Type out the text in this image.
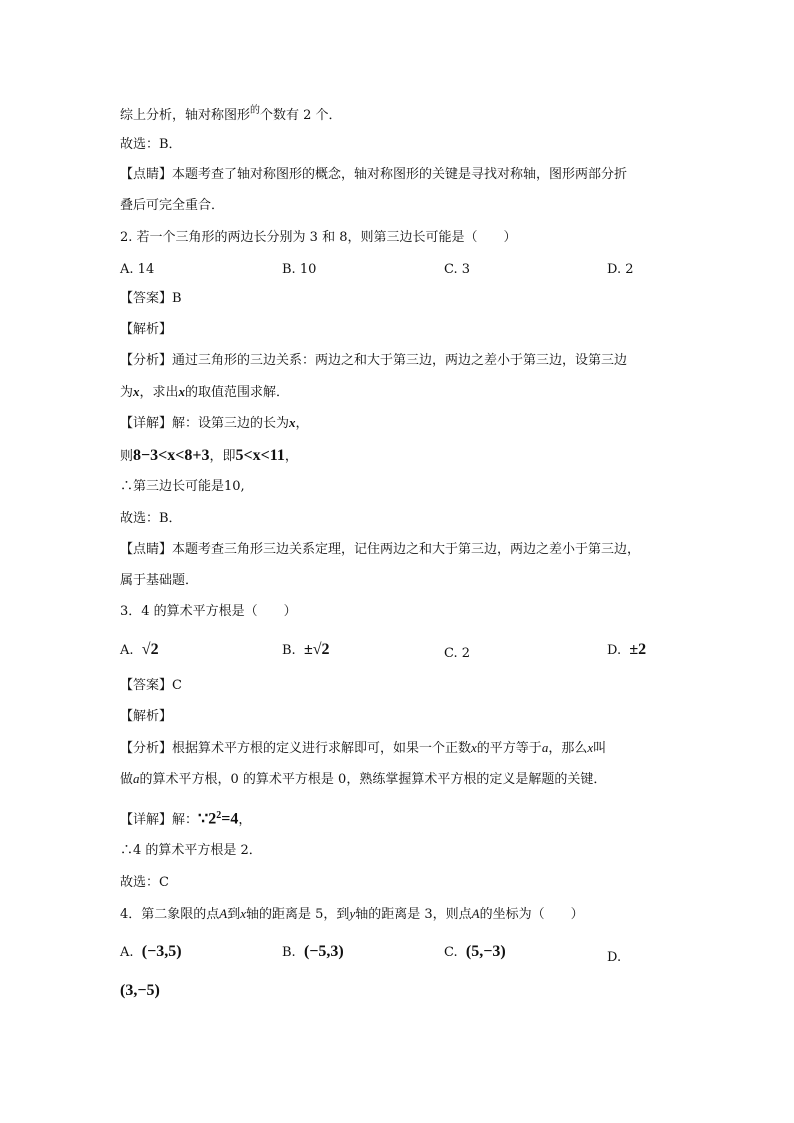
综上分析，轴对称图形$^的$个数有 2 个．
故选：B．
【点睛】本题考查了轴对称图形的概念，轴对称图形的关键是寻找对称轴，图形两部分折
叠后可完全重合．
2. 若一个三角形的两边长分别为 3 和 8，则第三边长可能是（　　）
A. 14	B. 10	C. 3	D. 2
【答案】B
【解析】
【分析】通过三角形的三边关系：两边之和大于第三边，两边之差小于第三边，设第三边
为x，求出x的取值范围求解．
【详解】解：设第三边的长为x，
则8−3<x<8+3，即5<x<11，
∴第三边长可能是10,
故选：B．
【点睛】本题考查三角形三边关系定理，记住两边之和大于第三边，两边之差小于第三边，
属于基础题．
3．4 的算术平方根是（　　）
A. √2	B. ±√2	C. 2	D. ±2
【答案】C
【解析】
【分析】根据算术平方根的定义进行求解即可，如果一个正数x的平方等于a，那么x叫
做a的算术平方根，0 的算术平方根是 0，熟练掌握算术平方根的定义是解题的关键．
【详解】解：$\because 2^2=4$，
∴4 的算术平方根是 2．
故选：C
4．第二象限的点A到x轴的距离是 5，到y轴的距离是 3，则点A的坐标为（　　）
A. (−3,5)	B. (−5,3)	C. (5,−3)	D.
(3,−5)
